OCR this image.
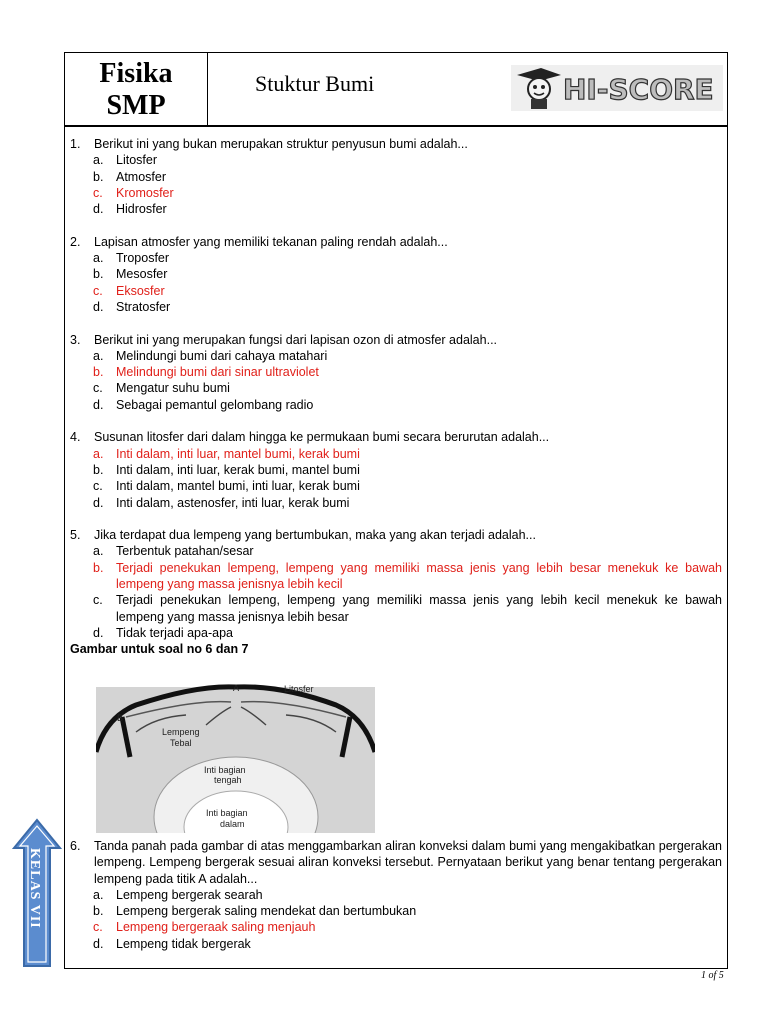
Fisika
SMP
Stuktur Bumi	HI-SCORE
1.	Berikut ini yang bukan merupakan struktur penyusun bumi adalah...
a.	Litosfer
b.	Atmosfer
c.	Kromosfer
d.	Hidrosfer
2.	Lapisan atmosfer yang memiliki tekanan paling rendah adalah...
a.	Troposfer
b.	Mesosfer
c.	Eksosfer
d.	Stratosfer
3.	Berikut ini yang merupakan fungsi dari lapisan ozon di atmosfer adalah...
a.	Melindungi bumi dari cahaya matahari
b.	Melindungi bumi dari sinar ultraviolet
c.	Mengatur suhu bumi
d.	Sebagai pemantul gelombang radio
4.	Susunan litosfer dari dalam hingga ke permukaan bumi secara berurutan adalah...
a.	Inti dalam, inti luar, mantel bumi, kerak bumi
b.	Inti dalam, inti luar, kerak bumi, mantel bumi
c.	Inti dalam, mantel bumi, inti luar, kerak bumi
d.	Inti dalam, astenosfer, inti luar, kerak bumi
5.	Jika terdapat dua lempeng yang bertumbukan, maka yang akan terjadi adalah...
a.	Terbentuk patahan/sesar
b.	Terjadi penekukan lempeng, lempeng yang memiliki massa jenis yang lebih besar menekuk ke bawah lempeng yang massa jenisnya lebih kecil
c.	Terjadi penekukan lempeng, lempeng yang memiliki massa jenis yang lebih kecil menekuk ke bawah lempeng yang massa jenisnya lebih besar
d.	Tidak terjadi apa-apa
Gambar untuk soal no 6 dan 7
Litosfer
A
B
Lempeng
Tebal
Inti bagian
tengah
Inti bagian
dalam
6.	Tanda panah pada gambar di atas menggambarkan aliran konveksi dalam bumi yang mengakibatkan pergerakan lempeng. Lempeng bergerak sesuai aliran konveksi tersebut. Pernyataan berikut yang benar tentang pergerakan lempeng pada titik A adalah...
a.	Lempeng bergerak searah
b.	Lempeng bergerak saling mendekat dan bertumbukan
c.	Lempeng bergeraak saling menjauh
d.	Lempeng tidak bergerak
KELAS VII
1 of 5
